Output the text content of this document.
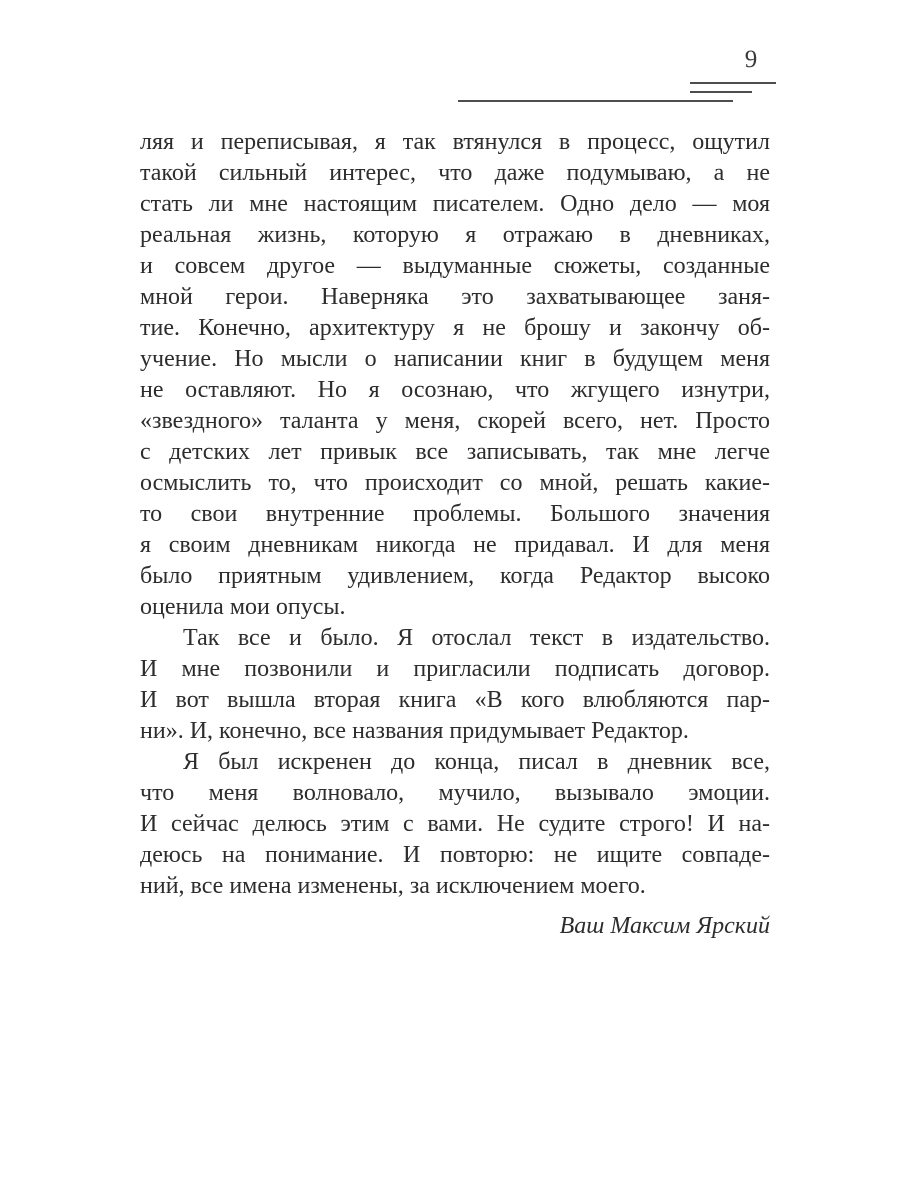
9
ляя и переписывая, я так втянулся в процесс, ощутил
такой сильный интерес, что даже подумываю, а не
стать ли мне настоящим писателем. Одно дело — моя
реальная жизнь, которую я отражаю в дневниках,
и совсем другое — выдуманные сюжеты, созданные
мной герои. Наверняка это захватывающее заня-
тие. Конечно, архитектуру я не брошу и закончу об-
учение. Но мысли о написании книг в будущем меня
не оставляют. Но я осознаю, что жгущего изнутри,
«звездного» таланта у меня, скорей всего, нет. Просто
с детских лет привык все записывать, так мне легче
осмыслить то, что происходит со мной, решать какие-
то свои внутренние проблемы. Большого значения
я своим дневникам никогда не придавал. И для меня
было приятным удивлением, когда Редактор высоко
оценила мои опусы.
Так все и было. Я отослал текст в издательство.
И мне позвонили и пригласили подписать договор.
И вот вышла вторая книга «В кого влюбляются пар-
ни». И, конечно, все названия придумывает Редактор.
Я был искренен до конца, писал в дневник все,
что меня волновало, мучило, вызывало эмоции.
И сейчас делюсь этим с вами. Не судите строго! И на-
деюсь на понимание. И повторю: не ищите совпаде-
ний, все имена изменены, за исключением моего.
Ваш Максим Ярский
